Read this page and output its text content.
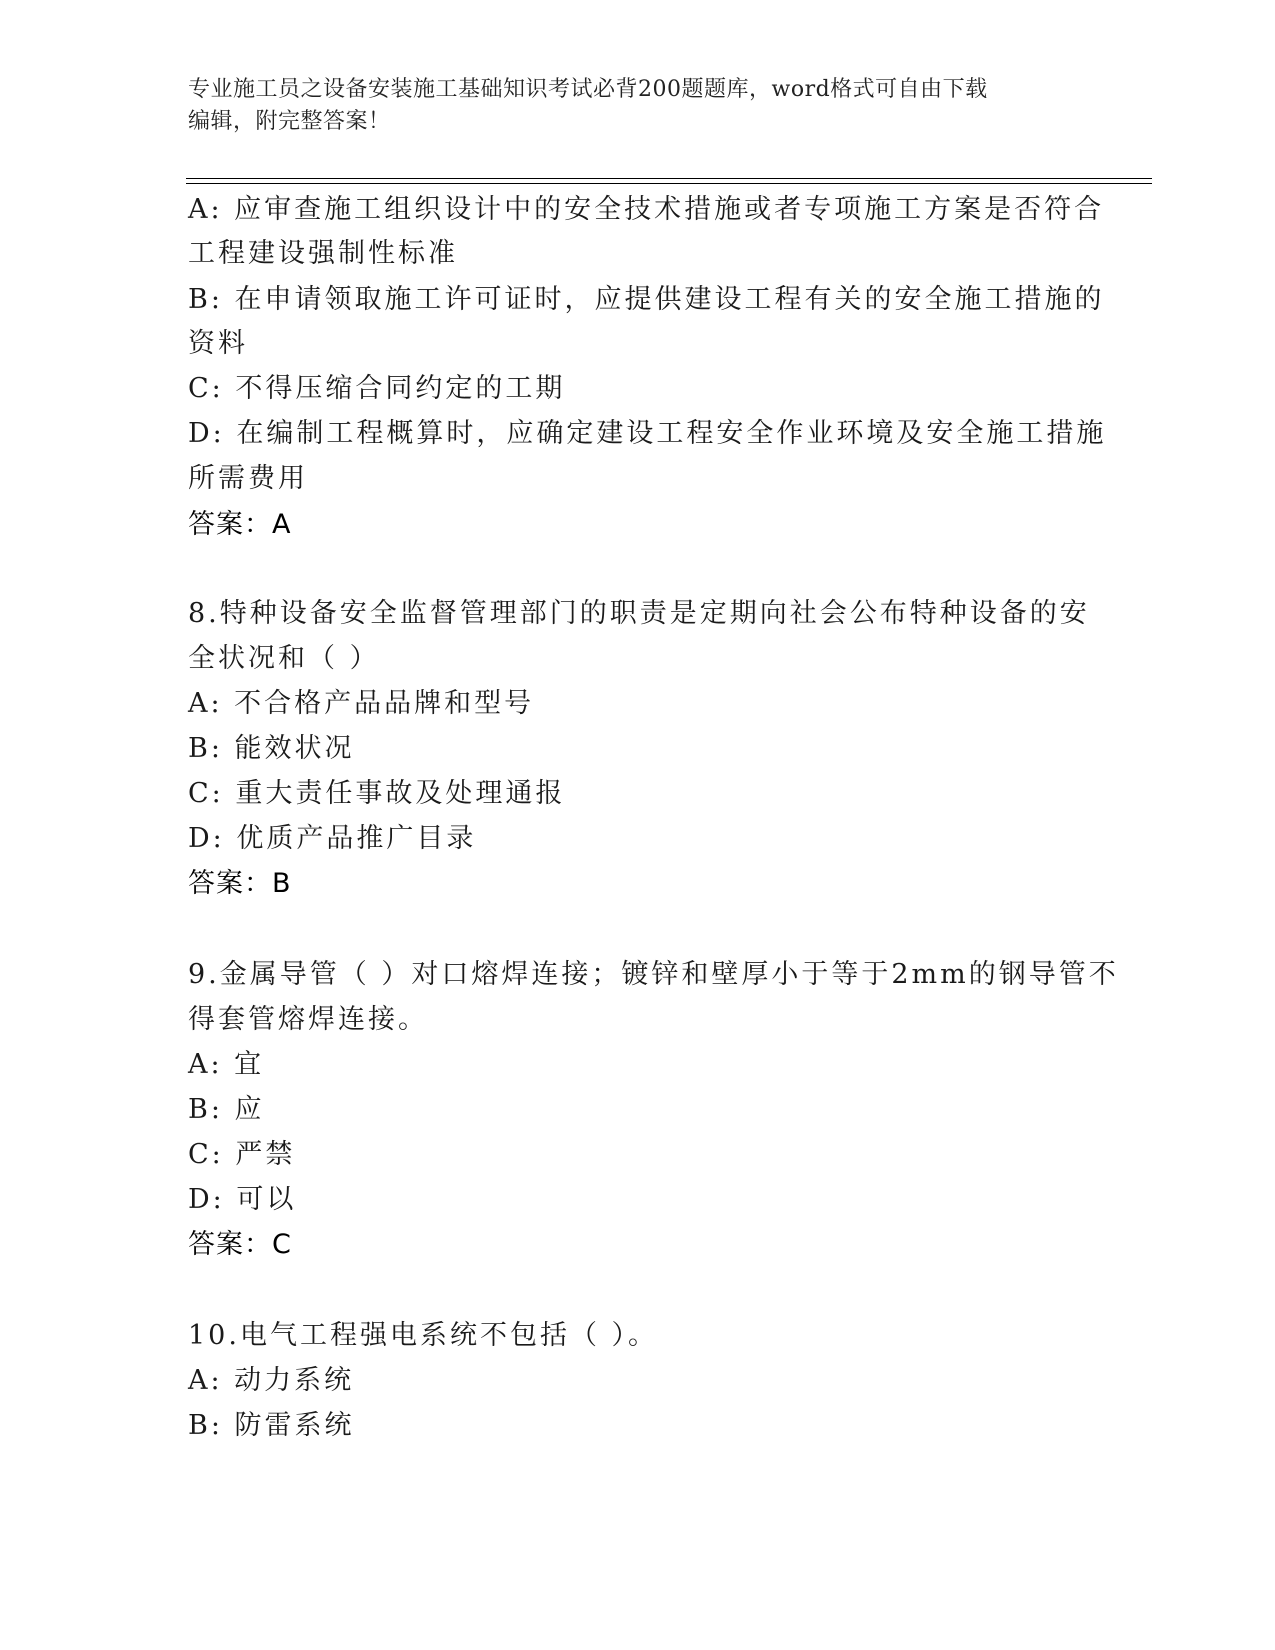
专业施工员之设备安装施工基础知识考试必背200题题库，word格式可自由下载
编辑，附完整答案！
A: 应审查施工组织设计中的安全技术措施或者专项施工方案是否符合
工程建设强制性标准
B: 在申请领取施工许可证时，应提供建设工程有关的安全施工措施的
资料
C: 不得压缩合同约定的工期
D: 在编制工程概算时，应确定建设工程安全作业环境及安全施工措施
所需费用
答案：A
8.特种设备安全监督管理部门的职责是定期向社会公布特种设备的安
全状况和（ ）
A: 不合格产品品牌和型号
B: 能效状况
C: 重大责任事故及处理通报
D: 优质产品推广目录
答案：B
9.金属导管（ ）对口熔焊连接；镀锌和壁厚小于等于2mm的钢导管不
得套管熔焊连接。
A: 宜
B: 应
C: 严禁
D: 可以
答案：C
10.电气工程强电系统不包括（ ）。
A: 动力系统
B: 防雷系统
